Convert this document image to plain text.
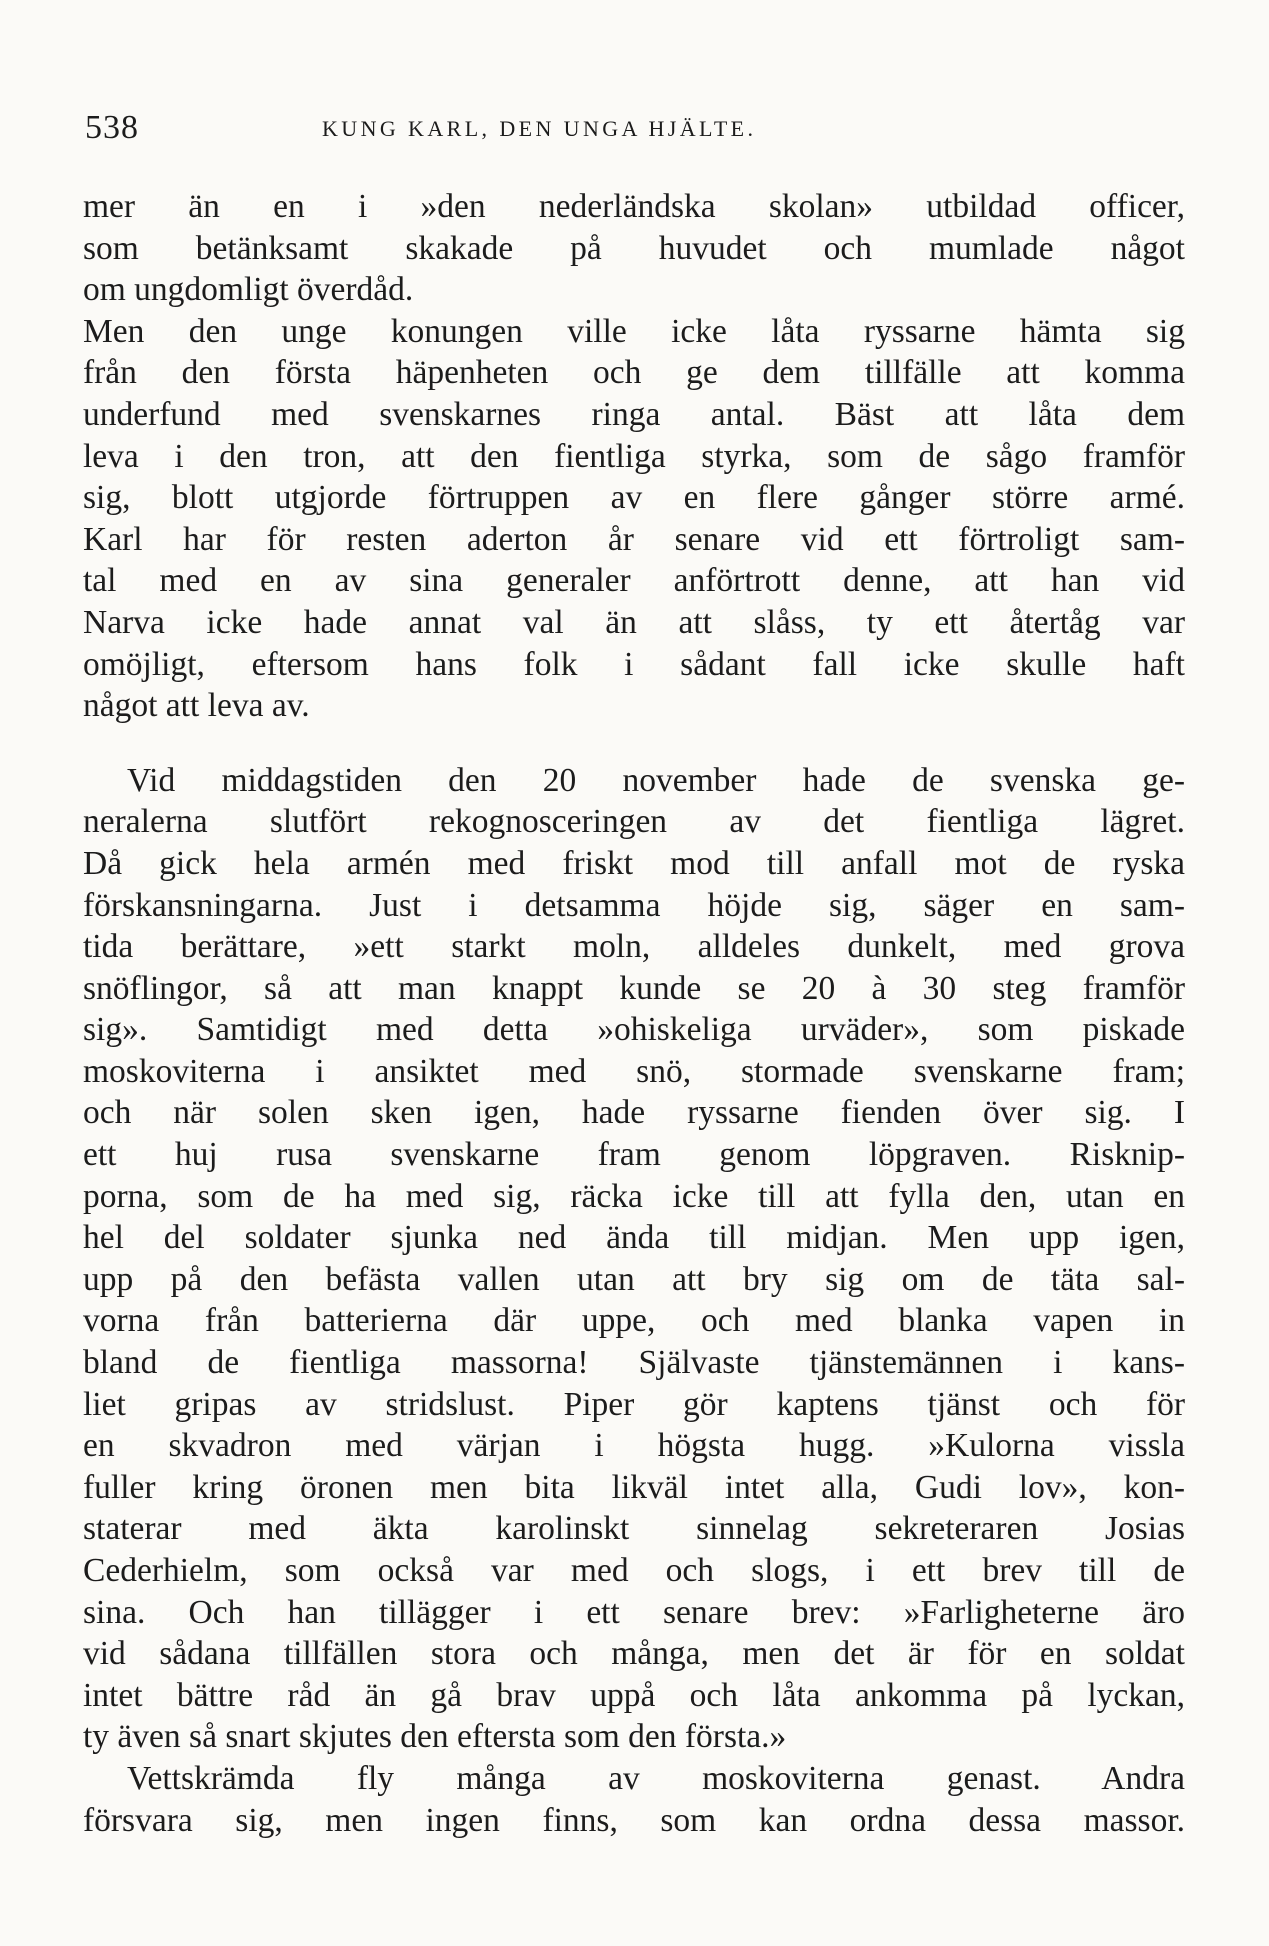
538	KUNG KARL, DEN UNGA HJÄLTE.
mer än en i »den nederländska skolan» utbildad officer,
som betänksamt skakade på huvudet och mumlade något
om ungdomligt överdåd.
Men den unge konungen ville icke låta ryssarne hämta sig
från den första häpenheten och ge dem tillfälle att komma
underfund med svenskarnes ringa antal. Bäst att låta dem
leva i den tron, att den fientliga styrka, som de sågo framför
sig, blott utgjorde förtruppen av en flere gånger större armé.
Karl har för resten aderton år senare vid ett förtroligt sam-
tal med en av sina generaler anförtrott denne, att han vid
Narva icke hade annat val än att slåss, ty ett återtåg var
omöjligt, eftersom hans folk i sådant fall icke skulle haft
något att leva av.
Vid middagstiden den 20 november hade de svenska ge-
neralerna slutfört rekognosceringen av det fientliga lägret.
Då gick hela armén med friskt mod till anfall mot de ryska
förskansningarna. Just i detsamma höjde sig, säger en sam-
tida berättare, »ett starkt moln, alldeles dunkelt, med grova
snöflingor, så att man knappt kunde se 20 à 30 steg framför
sig». Samtidigt med detta »ohiskeliga urväder», som piskade
moskoviterna i ansiktet med snö, stormade svenskarne fram;
och när solen sken igen, hade ryssarne fienden över sig. I
ett huj rusa svenskarne fram genom löpgraven. Risknip-
porna, som de ha med sig, räcka icke till att fylla den, utan en
hel del soldater sjunka ned ända till midjan. Men upp igen,
upp på den befästa vallen utan att bry sig om de täta sal-
vorna från batterierna där uppe, och med blanka vapen in
bland de fientliga massorna! Självaste tjänstemännen i kans-
liet gripas av stridslust. Piper gör kaptens tjänst och för
en skvadron med värjan i högsta hugg. »Kulorna vissla
fuller kring öronen men bita likväl intet alla, Gudi lov», kon-
staterar med äkta karolinskt sinnelag sekreteraren Josias
Cederhielm, som också var med och slogs, i ett brev till de
sina. Och han tillägger i ett senare brev: »Farligheterne äro
vid sådana tillfällen stora och många, men det är för en soldat
intet bättre råd än gå brav uppå och låta ankomma på lyckan,
ty även så snart skjutes den eftersta som den första.»
Vettskrämda fly många av moskoviterna genast. Andra
försvara sig, men ingen finns, som kan ordna dessa massor.
